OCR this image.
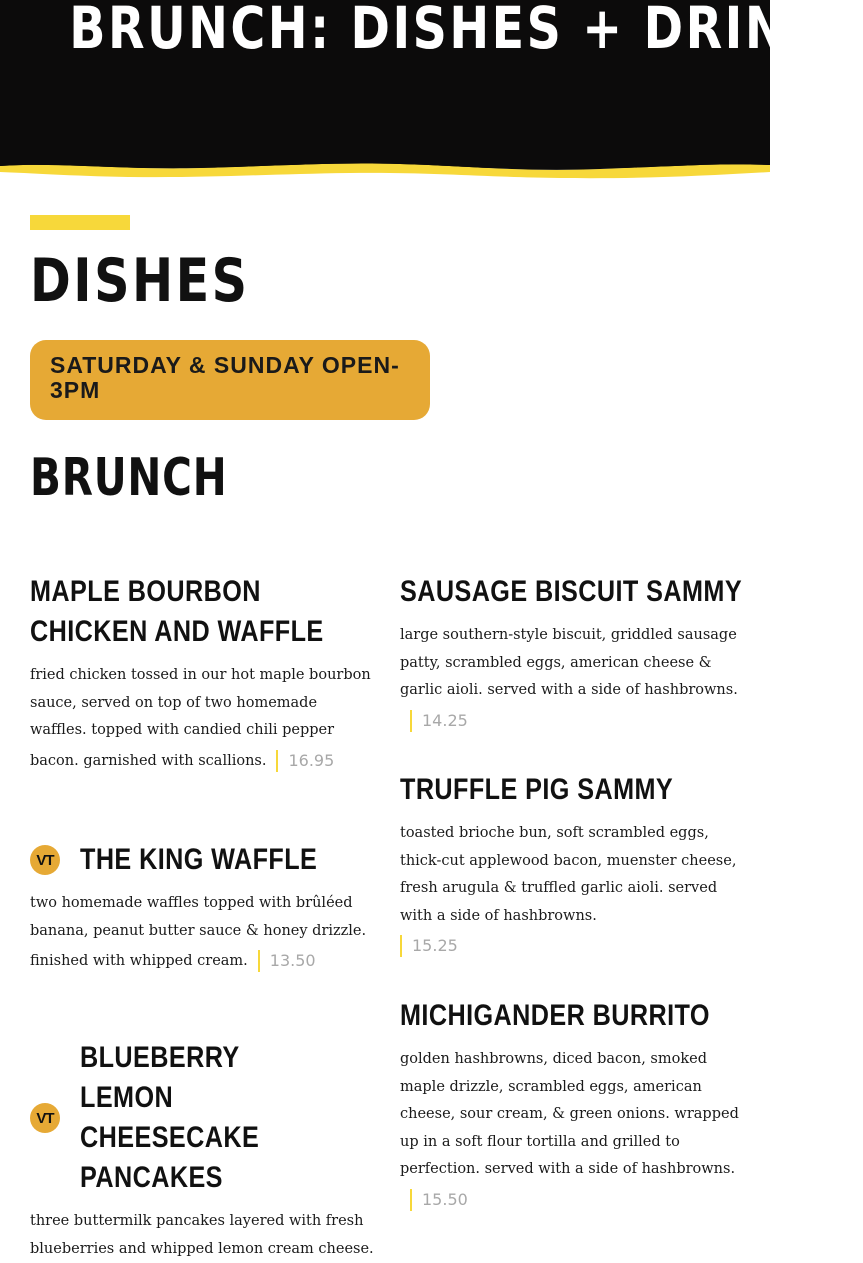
BRUNCH: DISHES + DRINKS
DISHES
SATURDAY & SUNDAY OPEN-3PM
BRUNCH
MAPLE BOURBON CHICKEN AND WAFFLE
fried chicken tossed in our hot maple bourbon sauce, served on top of two homemade waffles. topped with candied chili pepper bacon. garnished with scallions. 16.95
VT THE KING WAFFLE
two homemade waffles topped with brûléed banana, peanut butter sauce & honey drizzle. finished with whipped cream. 13.50
VT
BLUEBERRY LEMON CHEESECAKE PANCAKES
three buttermilk pancakes layered with fresh blueberries and whipped lemon cream cheese.
SAUSAGE BISCUIT SAMMY
large southern-style biscuit, griddled sausage patty, scrambled eggs, american cheese & garlic aioli. served with a side of hashbrowns.14.25
TRUFFLE PIG SAMMY
toasted brioche bun, soft scrambled eggs, thick-cut applewood bacon, muenster cheese, fresh arugula & truffled garlic aioli. served with a side of hashbrowns.
15.25
MICHIGANDER BURRITO
golden hashbrowns, diced bacon, smoked maple drizzle, scrambled eggs, american cheese, sour cream, & green onions. wrapped up in a soft flour tortilla and grilled to perfection. served with a side of hashbrowns.15.50
